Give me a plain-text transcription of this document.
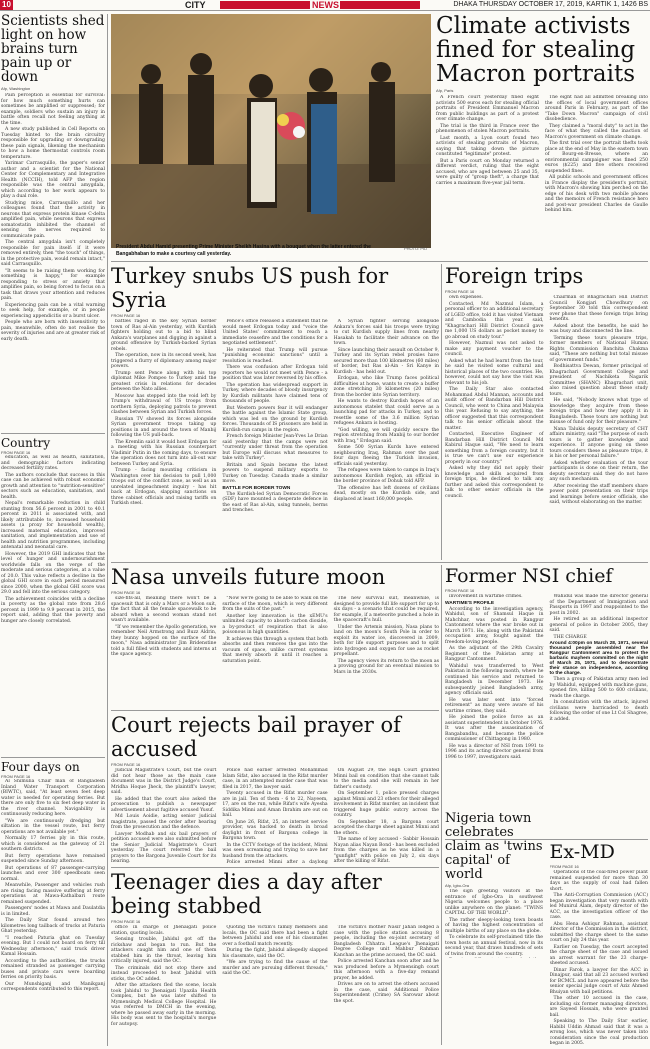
10	CITY	NEWS	DHAKA THURSDAY OCTOBER 17, 2019, KARTIK 1, 1426 BS
Scientists shed light on how brains turn pain up or down
Afp, Washington

Pain perception is essential for survival: for how much something hurts can sometimes be amplified or suppressed; for example, soldiers who sustain an injury in battle often recall not feeling anything at the time.

A new study published in Cell Reports on Tuesday hinted to the brain circuitry responsible for upgrading or downgrading these pain signals, likening the mechanism to how a home thermostat controls room temperature.

Yarimar Carrasquillo, the paper's senior author and a scientist for the National Center for Complementary and Integrative Health (NCCIH), told AFP the region responsible was the central amygdala, which according to her work appears to play a dual role.

Studying mice, Carrasquillo and her colleagues found that the activity in neurons that express protein kinase C-delta amplified pain, while neurons that express somatostatin inhibited the channel of sensing the nerves required to communicate pain.

The central amygdala isn't completely responsible for pain itself: if it were removed entirely, then "the touch" of things, in the protective pain, would remain intact," said Carrasquillo.

"It seems to be raising them working for something is happy," for example responding to stress or anxiety that amplifies pain, so being forced to focus on a task that draws your attention and reduces pain.

Experiencing pain can be a vital warning to seek help, for example, or in people experiencing appendicitis or a burst ulcer.

People who are born with insensitivity to pain, meanwhile, often do not realise the severity of injuries and are at greater risk of early death.

Country
FROM PAGE 16

education, as well as health, sanitation, and demographic factors indicating decreased fertility rates.

The authors conclude that success in this case can be achieved with robust economic growth and attention to "nutrition-sensitive" sectors such as education, sanitation, and health.

Nepal's remarkable reduction in child stunting from 56.6 percent in 2001 to 40.1 percent in 2011 is associated with, and likely attributable to, increased household assets (a proxy for household wealth), increased maternal education, improved sanitation, and implementation and use of health and nutrition programmes, including antenatal and neonatal care.

However, the 2019 GHI indicates that the level of hunger and undernourishment worldwide falls on the verge of the moderate and serious categories, at a value of 20.0. This value reflects a decline in the global GHI score in each period measured since 2000, when the global GHI score was 29.0 and fell into the serious category.

The achievement coincides with a decline in poverty as the global rate from 28.6 percent in 1999 to 9.9 percent in 2015, the report said, adding that the poverty and hunger are closely correlated.

Four days on
FROM PAGE 16

Al Shimulia Chair man of Bangladesh Inland Water Transport Corporation (BIWTC), said, "At least seven feet deep water is needed for operating ferries. But there are only five to six feet deep water in the river channel. Navigability is continuously reducing here.

"We are continuously dredging but siltation in the vessel route, but ferry operations are not available yet."

Normally 17 ferries ply in this route, which is considered as the gateway of 21 southern districts.

But ferry operations have remained suspended since Sunday afternoon.

But operations of 87 passenger-carrying launches and over 300 speedboats seen normal.

Meanwhile, Passenger and vehicles rush are rising facing massive suffering at ferry operations at Mawa-Kathalbari route remained suspended.

Passengers' nodes at Mawa and Daulatdia is in limited.

The Daily Star found around two kilometres long tailback of trucks at Paturia Ghat yesterday.

"I reached Paturia ghat on Tuesday evening. But I could not board on ferry till Wednesday afternoon," said truck driver Kamal Hossain.

According to the authorities, the trucks remained stranded as passenger carrying buses and private cars were boarding ferries on priority basis.

Our Munshiganj and Manikganj correspondents contributed to this report.

President Abdul Hamid presenting Prime Minister Sheikh Hasina with a bouquet when the latter entered the Bangabhaban to make a courtesy call yesterday.
PHOTO: PID
Climate activists fined for stealing Macron portraits
Afp, Paris

A French court yesterday fined eight activists 500 euros each for stealing official portraits of President Emmanuel Macron from public buildings as part of a protest over climate change.

The trial is the third in France over the phenomenon of stolen Macron portraits.

Last month, a Lyon court found two activists of stealing portraits of Macron, saying that taking down the picture constituted "legitimate" protest.

But a Paris court on Monday returned a different verdict, ruling that the eight accused, who are aged between 25 and 35, were guilty of "group theft", a charge that carries a maximum five-year jail term.

The eight had all admitted breaking into the offices of local government offices around Paris in February, as part of the "Take Down Macron" campaign of civil disobedience.

They claimed a "moral duty" to act in the face of what they called the inaction of Macron's government on climate change.

The first trial over the portrait thefts took place at the end of May in the eastern town of Bourg-en-Bresse, where an environmental campaigner was fined 250 euros ($225) and five others received suspended fines.

All public schools and government offices in France display the president's portrait, with Macron's showing him perched on the edge of his desk with two mobile phones and the memoirs of French resistance hero and post-war president Charles de Gaulle behind him.

Turkey snubs US push for Syria
FROM PAGE 16

battles raged in the key Syrian border town of Ras al-Ain yesterday, with Kurdish fighters holding out to a bid to blind Ankara's warplanes and digging in against a ground offensive by Turkish-backed Syrian rebels.

The operation, now in its second week, has triggered a flurry of diplomacy among major powers.

Trump sent Pence along with his top diplomat Mike Pompeo to Turkey amid the greatest crisis in relations for decades between the Nato allies.

Moscow has stepped into the void left by Trump's withdrawal of US troops from northern Syria, deploying patrols to prevent clashes between Syrian and Turkish forces.

Russian TV showed its forces alongside Syrian government troops taking up positions in and around the town of Manbij following the US pull-back.

The Kremlin said it would host Erdogan for a meeting with his Russian counterpart Vladimir Putin in the coming days, to ensure the operation does not turn into all-out war between Turkey and Syria.

Trump - facing mounting criticism in Washington over his decision to pull 1,000 troops out of the conflict zone, as well as an unrelated impeachment inquiry - has hit back at Erdogan, slapping sanctions on three cabinet officials and raising tariffs on Turkish steel.

Pence's office released a statement that he would meet Erdogan today and "voice the United States' commitment to reach a immediate ceasefire and the conditions for a negotiated settlement".

He reiterated that Trump will pursue "punishing economic sanctions" until a resolution is reached.

There was confusion after Erdogan told reporters he would not meet with Pence - a position that was later reversed by his office.

The operation has widespread support in Turkey, where decades of bloody insurgency by Kurdish militants have claimed tens of thousands of people.

But Western powers fear it will endanger the battle against the Islamic State group, which was led on the ground by Kurdish forces. Thousands of IS prisoners are held in Kurdish-run camps in the region.

French foreign Minister Jean-Yves Le Drian said yesterday that the camps were not "currently under threat from the operation but Europe will discuss what measures to take with Turkey".

Britain and Spain became the latest powers to suspend military exports to Turkey on Tuesday. Canada made a similar move.

BATTLE FOR BORDER TOWN

The Kurdish-led Syrian Democratic Forces (SDF) have mounted a desperate defence in the east of Ras al-Ain, using tunnels, berms and trenches.

A Syrian fighter serving alongside Ankara's forces said his troops were trying to cut Kurdish supply lines from nearby Hasakah to facilitate their advance on the town.

Since launching their assault on October 9, Turkey and its Syrian rebel proxies have secured more than 100 kilometres (60 miles) of border, but Ras al-Ain - Sri Kanye in Kurdish - has held out.

Erdogan, who like Trump faces political difficulties at home, wants to create a buffer zone stretching 30 kilometres (20 miles) from the border into Syrian territory.

He wants to destroy Kurdish hopes of an autonomous statelet that could serve as a launching pad for attacks in Turkey, and to resettle some of the 3.6 million Syrian refugees Ankara is hosting.

"God willing, we will quickly secure the region stretching from Manbij to our border with Iraq," Erdogan said.

Some 500 Syrian Kurds have entered neighbouring Iraq, Rahman over the past four days fleeing the Turkish invasion, officials said yesterday.

The refugees were taken to camps in Iraq's autonomous Kurdish region, an official in the border province of Dohuk told AFP.

The offensive has left dozens of civilians dead, mostly on the Kurdish side, and displaced at least 160,000 people.

Foreign trips
FROM PAGE 16

own expenses.

Contacted, Md Nazmul Islam, a personal officer to an additional secretary of LGED office, told it has visited Vietnam and Cambodia this year. said, "Khagrachari Hill District Council gave me 1,000 US dollars as pocket money to go abroad on study tour."

However, Nazmul was not asked to make any payment voucher to the council.

Asked what he had learnt from the tour, he said he visited some cultural and historical places of the two countries. He, however, could not say how the visit was relevant to his job.

The Daily Star also contacted Mohammad Abdul Mannan, accounts and audit officer of Bandarban Hill District Council, who went to China and Malaysia this year. Refusing to say anything, the officer suggested that this correspondent talk to his senior officials about the matter.

Contacted, Executive Engineer of Bandarban Hill District Council Md Kabirul Haque said, "We need to learn something from a foreign country, but it is true we can't use our experience properly in our country."

Asked why they did not apply their knowledge and skills acquired from foreign trips, he declined to talk any further and asked this correspondent to talk to other senior officials in the council.

Chairman of Bhagrachari Hill District Council Kongjari Chowdhury on September 30 told this correspondent over phone that these foreign trips bring benefits.

Asked about the benefits, he said he was busy and disconnected the line.

Terming these tours pleasure trips, former members of National Human Rights Commission Banchita Chakma said, "These are nothing but total misuse of government funds."

Bodhisattva Dewan, former principal of Khagrachari Government College and president of Nachiketa Nagarik Committee (SHANC) Khagrachari unit, also raised question about these study tours.

He said, "Nobody knows what type of knowledge they acquire from these foreign trips and how they apply it in Bangladesh. These tours are nothing but misuse of fund only for their pleasure."

Nana Talukis deputy secretary of CHT affairs ministry, said "The purpose of such tours is to gather knowledge and experience. If anyone going on these tours considers these as pleasure trips, it is his or her personal failure."

Asked whether evaluation of the tour participants is done on their return, the deputy secretary said they do not have any such mechanism.

After receiving the staff members share power point presentation on their trips and learnings before senior officials, she said, without elaborating on the matter.

Nasa unveils future moon
FROM PAGE 16

size-fits-all, meaning there won't be a spacesuit that is only a Mars or a Moon suit, the fact that all the female spacewalk to be aboard when a second woman stand not wasn't available.

"If we remember the Apollo generation, we remember Neil Armstrong and Buzz Aldrin, they bunny hopped on the surface of the moon," Nasa administrator Jim Bridenstine told a full filled with students and interns at the space agency.

"Now we're going to be able to walk on the surface of the moon, which is very different from the suits of the past."

Another key innovation is the xEMU's unlimited capacity to absorb carbon dioxide, a by-product of respiration that is also poisonous in high quantities.

It achieves this through a system that both absorbs and then removes the gas into the vacuum of space, unlike current systems that merely absorb it until it reaches a saturation point.

The new survival suit, meanwhile, is designed to provide full life support for up to six days - a scenario that could be required, for example, if a meteorite punched a hole in the spacecraft's hull.

Under the Artemis mission, Nasa plans to land on the moon's South Pole in order to exploit its water ice, discovered in 2009, both for life support purposes and to split into hydrogen and oxygen for use as rocket propellant.

The agency views its return to the moon as a proving ground for an eventual mission to Mars in the 2030s.

Former NSI chief
FROM PAGE 16

involvement in wartime crimes.

WARTIME'S PROFILE

According to the investigation agency, Wahidul, son of Shamsul Haque in Mahchhar, was posted in Rangpur Cantonment where the war broke out in March 1971. He, along with the Pakistani occupation army, fought against the freedom-loving people.

As the adjutant of the 29th Cavalry Regiment of the Pakistan army at Rangpur Cantonment.

Wahidul was transferred to West Pakistan in the following month, where he continued his service and returned to Bangladesh in December 1973. He subsequently joined Bangladesh army, agency officials said.

He was later sent into "forced retirement" as many were aware of his wartime crimes, they said.

He joined the police force as an assistant superintendent in October 1976. It was after the assassination of Bangabandhu, and became the police commissioner of Chittagong in 1980.

He was a director of NSI from 1991 to 1996 and its acting director general from 1996 to 1997, investigators said.

Wahidul was made the director general of the Department of Immigration and Passports in 1997 and reappointed to the post in 2002.

He retired as an additional inspector general of police in October 2005, they said.

THE CHARGE

Around 4:00pm on March 28, 1971, several thousand people assembled near the Rangpur Cantonment area to protest the barbaric mayhem committed on the night of March 25, 1971, and to demonstrate their stance on independence, according to the charge.

Then a group of Pakistan army men led by Wahidul, equipped with machine guns, opened fire, killing 500 to 600 civilians, reads the charge.

In consultation with the attack, injured civilians were barricaded to death following the order of one Lt Col Shagree, it added.

Ex-MD
FROM PAGE 16

Operations of the coal-fired power plant remained suspended for more than 30 days as the supply of coal had fallen short.

The Anti-Corruption Commission (ACC) began investigation that very month with led Munirul Alam, deputy director of the ACC, as the investigation officer of the case.

Abu Hena Ashiqur Rahman, assistant director of the Commission in the district, submitted the charge sheet to the same court on July 24 this year.

Earlier on Tuesday, the court accepted the charge sheet of the case and issued an arrest warrant for the 23 charge-sheeted accused.

Dinar Farok, a lawyer for the ACC in Dinajpur, said that all 23 accused worked for BCMCL and have appeared before the senior special judge court of Aziz Ahmed Bhuiyan with bail petitions.

The other 10 accused in the case, including six former managing directors, are Sayeed Hossain, who were granted bail.

Speaking to The Daily Star earlier, Habibl Uddin Ahmad said that it was a wrong loss, which was never taken into consideration since the coal production began in 2005.

Court rejects bail prayer of accused
FROM PAGE 16

Judicial Magistrate's Court, but the court did not hear those as the main case document was in the District Judge's Court, Mridha Hoque Jheck, the plaintiff's lawyer, said.

He added that the court also asked the prosecution to publish a newspaper advertisement about fugitive accused Yusuf.

Md Louis Aoidie, acting senior judicial magistrate, passed the order after hearing from the prosecution and the defence.

Lawyer Modhab and six bail prayers of petition accused were also submitted before the Senior Judicial Magistrate's Court yesterday. The court referred the bail prayers to the Bargona Juvenile Court for its hearing.

Police had earlier arrested Mohammad Islam Sifat, also accused in the Rifat murder case, in an attempted murder case that was filed in 2017, the lawyer said.

Twenty accused in the Rifat murder case are in jail. Ten of them - 6 to 22, Nayeem, 17, are on the run, while Rifat's wife Ayesha Siddika Minni and Aman Ibrahim are out on bail.

On June 26, Rifat, 25, an internet service provider, was hacked to death in broad daylight in front of Bargona college in Bargona town.

In the CCTV footage of the incident, Minni was seen screaming and trying to save her husband from the attackers.

Police arrested Minni after a daylong

On August 29, the High Court granted Minni bail on condition that she cannot talk to the media and she will remain in her father's custody.

On September 1, police pressed charges against Minni and 23 others for their alleged involvement in Rifat murder, an incident that triggered huge public outcry across the country.

On September 18, a Bargona court accepted the charge sheet against Minni and the others.

The name of key accused - Sabbir Hossain Nayan alias Nayan Bond - has been excluded from the charges as he was killed in a "gunfight" with police on July 2, six days after the killing of Rifat.

Nigeria town celebrates claim as 'twins capital' of world
Afp, Igbo-Ora

The sign greeting visitors at the entrance of Igbo-Ora in southwest Nigeria welcomes people to a place unlike anywhere on the planet: "TWINS CAPITAL OF THE WORLD".

The rather sleepy-looking town boasts of having the highest concentration of multiple births of any place on the globe.

To celebrate its self-proclaimed title the town hosts an annual festival, now in its second year, that draws hundreds of sets of twins from around the country.

Teenager dies a day after being stabbed
FROM PAGE 16

office in charge of Jhenaigati police station, quoting locals.

Sensing trouble, Jahidul got off the rickshaw and began to run. But the attackers caught him and one of them stabbed him in the throat, leaving him critically injured, said the OC.

The criminals did not stop there and instead proceeded to beat Jahidul with sticks, the OC added.

After the attackers fled the scene, locals took Jahidul to Jhenaigati Upazila Health Complex, but he was later shifted to Mymensingh Medical College Hospital. He was referred to DMCH in the evening, where he passed away early in the morning. His body was sent to the hospital's morgue for autopsy.

Quoting the victim's family members and locals, the OC said there had been a fight between Jahidul and one of his classmates over a football match recently.

During the fight, Jahidul allegedly slapped his classmate, said the OC.

"We are trying to find the cause of the murder and are pursuing different threads," said the OC.

The victim's mother Nasir Jahan lodged a case with the police station accusing 8 people, including the ex-joint secretary of Bangladesh Chhatra League's Jhenaigati Degree College unit Mahbur Rahman Kanchan as the prime accused, the OC said.

Police arrested Kanchan soon after and he was produced before a Mymensingh court this afternoon with a five-day remand prayer, he added.

Drives are on to arrest the others accused in the case, said Additional Police Superintendent (Crime) SA Sarowar about the spot.
